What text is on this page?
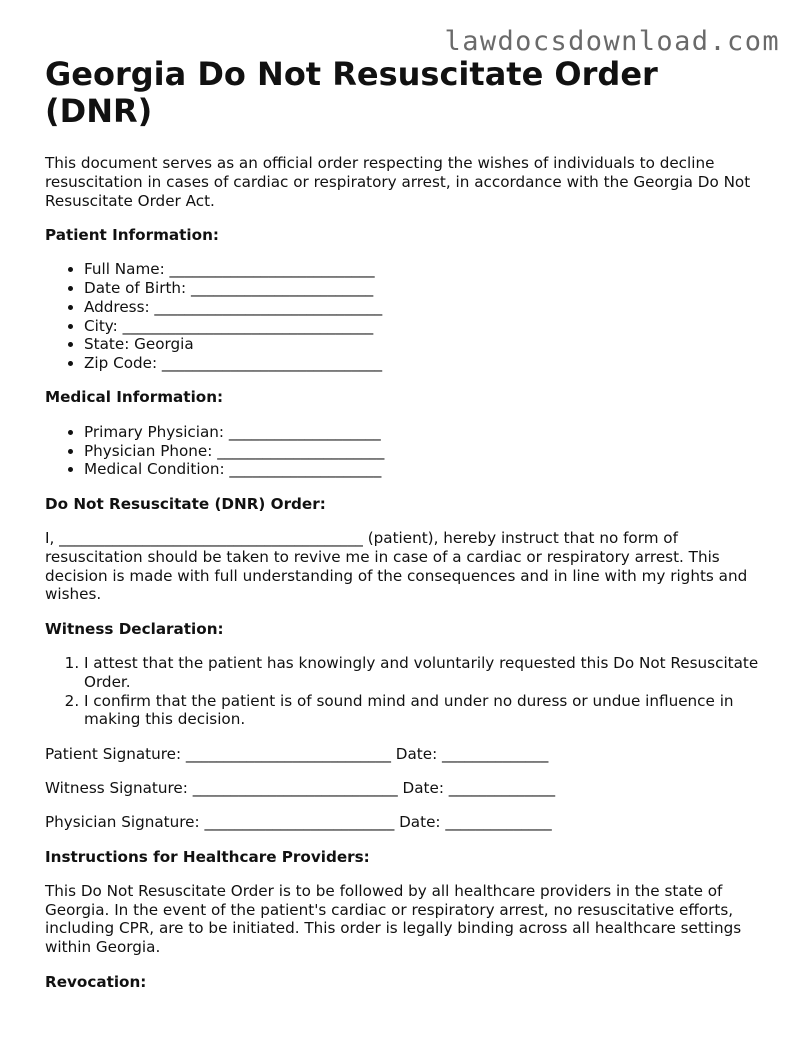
lawdocsdownload.com
Georgia Do Not Resuscitate Order (DNR)

This document serves as an official order respecting the wishes of individuals to decline resuscitation in cases of cardiac or respiratory arrest, in accordance with the Georgia Do Not Resuscitate Order Act.

Patient Information:
• Full Name: ___________________________
• Date of Birth: ________________________
• Address: ______________________________
• City: _________________________________
• State: Georgia
• Zip Code: _____________________________
Medical Information:
• Primary Physician: ____________________
• Physician Phone: ______________________
• Medical Condition: ____________________
Do Not Resuscitate (DNR) Order:

I, ________________________________________ (patient), hereby instruct that no form of resuscitation should be taken to revive me in case of a cardiac or respiratory arrest. This decision is made with full understanding of the consequences and in line with my rights and wishes.

Witness Declaration:
1. I attest that the patient has knowingly and voluntarily requested this Do Not Resuscitate Order.
2. I confirm that the patient is of sound mind and under no duress or undue influence in making this decision.

Patient Signature: ___________________________ Date: ______________

Witness Signature: ___________________________ Date: ______________

Physician Signature: _________________________ Date: ______________

Instructions for Healthcare Providers:

This Do Not Resuscitate Order is to be followed by all healthcare providers in the state of Georgia. In the event of the patient's cardiac or respiratory arrest, no resuscitative efforts, including CPR, are to be initiated. This order is legally binding across all healthcare settings within Georgia.

Revocation:
